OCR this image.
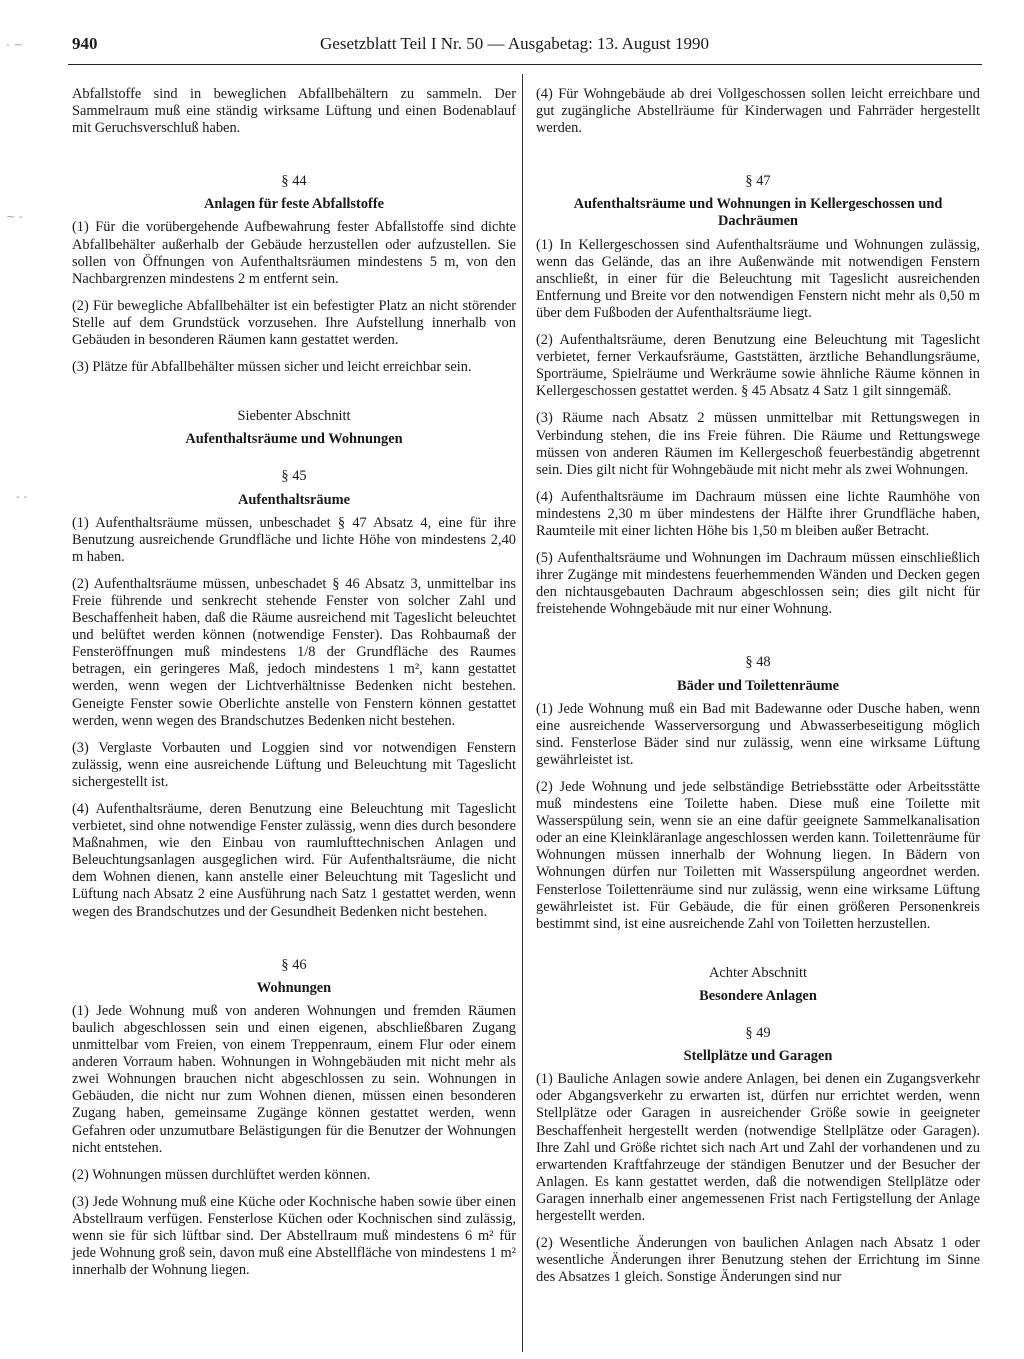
- ~
~ -
- -
940	Gesetzblatt Teil I Nr. 50 — Ausgabetag: 13. August 1990

Abfallstoffe sind in beweglichen Abfallbehältern zu sammeln. Der Sammelraum muß eine ständig wirksame Lüftung und einen Bodenablauf mit Geruchsverschluß haben.

§ 44

Anlagen für feste Abfallstoffe

(1) Für die vorübergehende Aufbewahrung fester Abfallstoffe sind dichte Abfallbehälter außerhalb der Gebäude herzustellen oder aufzustellen. Sie sollen von Öffnungen von Aufenthaltsräumen mindestens 5 m, von den Nachbargrenzen mindestens 2 m entfernt sein.

(2) Für bewegliche Abfallbehälter ist ein befestigter Platz an nicht störender Stelle auf dem Grundstück vorzusehen. Ihre Aufstellung innerhalb von Gebäuden in besonderen Räumen kann gestattet werden.

(3) Plätze für Abfallbehälter müssen sicher und leicht erreichbar sein.

Siebenter Abschnitt

Aufenthaltsräume und Wohnungen

§ 45

Aufenthaltsräume

(1) Aufenthaltsräume müssen, unbeschadet § 47 Absatz 4, eine für ihre Benutzung ausreichende Grundfläche und lichte Höhe von mindestens 2,40 m haben.

(2) Aufenthaltsräume müssen, unbeschadet § 46 Absatz 3, unmittelbar ins Freie führende und senkrecht stehende Fenster von solcher Zahl und Beschaffenheit haben, daß die Räume ausreichend mit Tageslicht beleuchtet und belüftet werden können (notwendige Fenster). Das Rohbaumaß der Fensteröffnungen muß mindestens 1/8 der Grundfläche des Raumes betragen, ein geringeres Maß, jedoch mindestens 1 m², kann gestattet werden, wenn wegen der Lichtverhältnisse Bedenken nicht bestehen. Geneigte Fenster sowie Oberlichte anstelle von Fenstern können gestattet werden, wenn wegen des Brandschutzes Bedenken nicht bestehen.

(3) Verglaste Vorbauten und Loggien sind vor notwendigen Fenstern zulässig, wenn eine ausreichende Lüftung und Beleuchtung mit Tageslicht sichergestellt ist.

(4) Aufenthaltsräume, deren Benutzung eine Beleuchtung mit Tageslicht verbietet, sind ohne notwendige Fenster zulässig, wenn dies durch besondere Maßnahmen, wie den Einbau von raumlufttechnischen Anlagen und Beleuchtungsanlagen ausgeglichen wird. Für Aufenthaltsräume, die nicht dem Wohnen dienen, kann anstelle einer Beleuchtung mit Tageslicht und Lüftung nach Absatz 2 eine Ausführung nach Satz 1 gestattet werden, wenn wegen des Brandschutzes und der Gesundheit Bedenken nicht bestehen.

§ 46

Wohnungen

(1) Jede Wohnung muß von anderen Wohnungen und fremden Räumen baulich abgeschlossen sein und einen eigenen, abschließbaren Zugang unmittelbar vom Freien, von einem Treppenraum, einem Flur oder einem anderen Vorraum haben. Wohnungen in Wohngebäuden mit nicht mehr als zwei Wohnungen brauchen nicht abgeschlossen zu sein. Wohnungen in Gebäuden, die nicht nur zum Wohnen dienen, müssen einen besonderen Zugang haben, gemeinsame Zugänge können gestattet werden, wenn Gefahren oder unzumutbare Belästigungen für die Benutzer der Wohnungen nicht entstehen.

(2) Wohnungen müssen durchlüftet werden können.

(3) Jede Wohnung muß eine Küche oder Kochnische haben sowie über einen Abstellraum verfügen. Fensterlose Küchen oder Kochnischen sind zulässig, wenn sie für sich lüftbar sind. Der Abstellraum muß mindestens 6 m² für jede Wohnung groß sein, davon muß eine Abstellfläche von mindestens 1 m² innerhalb der Wohnung liegen.

(4) Für Wohngebäude ab drei Vollgeschossen sollen leicht erreichbare und gut zugängliche Abstellräume für Kinderwagen und Fahrräder hergestellt werden.

§ 47

Aufenthaltsräume und Wohnungen in Kellergeschossen und Dachräumen

(1) In Kellergeschossen sind Aufenthaltsräume und Wohnungen zulässig, wenn das Gelände, das an ihre Außenwände mit notwendigen Fenstern anschließt, in einer für die Beleuchtung mit Tageslicht ausreichenden Entfernung und Breite vor den notwendigen Fenstern nicht mehr als 0,50 m über dem Fußboden der Aufenthaltsräume liegt.

(2) Aufenthaltsräume, deren Benutzung eine Beleuchtung mit Tageslicht verbietet, ferner Verkaufsräume, Gaststätten, ärztliche Behandlungsräume, Sporträume, Spielräume und Werkräume sowie ähnliche Räume können in Kellergeschossen gestattet werden. § 45 Absatz 4 Satz 1 gilt sinngemäß.

(3) Räume nach Absatz 2 müssen unmittelbar mit Rettungswegen in Verbindung stehen, die ins Freie führen. Die Räume und Rettungswege müssen von anderen Räumen im Kellergeschoß feuerbeständig abgetrennt sein. Dies gilt nicht für Wohngebäude mit nicht mehr als zwei Wohnungen.

(4) Aufenthaltsräume im Dachraum müssen eine lichte Raumhöhe von mindestens 2,30 m über mindestens der Hälfte ihrer Grundfläche haben, Raumteile mit einer lichten Höhe bis 1,50 m bleiben außer Betracht.

(5) Aufenthaltsräume und Wohnungen im Dachraum müssen einschließlich ihrer Zugänge mit mindestens feuerhemmenden Wänden und Decken gegen den nichtausgebauten Dachraum abgeschlossen sein; dies gilt nicht für freistehende Wohngebäude mit nur einer Wohnung.

§ 48

Bäder und Toilettenräume

(1) Jede Wohnung muß ein Bad mit Badewanne oder Dusche haben, wenn eine ausreichende Wasserversorgung und Abwasserbeseitigung möglich sind. Fensterlose Bäder sind nur zulässig, wenn eine wirksame Lüftung gewährleistet ist.

(2) Jede Wohnung und jede selbständige Betriebsstätte oder Arbeitsstätte muß mindestens eine Toilette haben. Diese muß eine Toilette mit Wasserspülung sein, wenn sie an eine dafür geeignete Sammelkanalisation oder an eine Kleinkläranlage angeschlossen werden kann. Toilettenräume für Wohnungen müssen innerhalb der Wohnung liegen. In Bädern von Wohnungen dürfen nur Toiletten mit Wasserspülung angeordnet werden. Fensterlose Toilettenräume sind nur zulässig, wenn eine wirksame Lüftung gewährleistet ist. Für Gebäude, die für einen größeren Personenkreis bestimmt sind, ist eine ausreichende Zahl von Toiletten herzustellen.

Achter Abschnitt

Besondere Anlagen

§ 49

Stellplätze und Garagen

(1) Bauliche Anlagen sowie andere Anlagen, bei denen ein Zugangsverkehr oder Abgangsverkehr zu erwarten ist, dürfen nur errichtet werden, wenn Stellplätze oder Garagen in ausreichender Größe sowie in geeigneter Beschaffenheit hergestellt werden (notwendige Stellplätze oder Garagen). Ihre Zahl und Größe richtet sich nach Art und Zahl der vorhandenen und zu erwartenden Kraftfahrzeuge der ständigen Benutzer und der Besucher der Anlagen. Es kann gestattet werden, daß die notwendigen Stellplätze oder Garagen innerhalb einer angemessenen Frist nach Fertigstellung der Anlage hergestellt werden.

(2) Wesentliche Änderungen von baulichen Anlagen nach Absatz 1 oder wesentliche Änderungen ihrer Benutzung stehen der Errichtung im Sinne des Absatzes 1 gleich. Sonstige Änderungen sind nur
